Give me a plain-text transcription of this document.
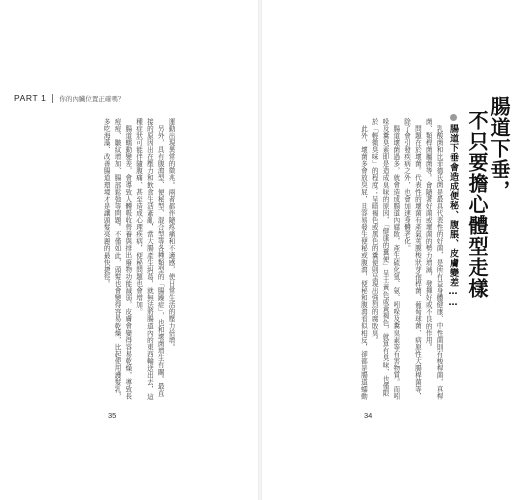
PART 1 你的內臟位置正確嗎？

運動出現異常的徵兆。兩者都伴隨疼痛和不適感，使日常生活的壓力倍增。

另外，具有腹瀉型、便秘型、混合型等各種類型的「腸躁症」，也和壞菌增生有關。最直接的原因出在壓力和飲食生活紊亂，當大腸產生糾葛，就無法將腸道內的東西輸送出去，這種症狀可能伴隨腹痛、甚至造成心理疾病，便秘問題也會增加。

腸道蠕動變差，會導致人體吸收營養與排出廢物功能減弱，皮膚會變得容易乾燥，導致長痘痘、皺紋增加、腸部鬆弛等問題。不僅如此，頭髮也會變得容易乾燥，比起使用護髮乳，多吃海藻、改善腸道環境才是讓頭髮亮麗的最快捷徑。

35
腸道下垂，
不只要擔心體型走樣
腸道下垂會造成便秘、腹脹、皮膚變差……

乳酸菌和比菲德氏菌是最具代表性的好菌，是所有益身體健康、中性菌則有梭桿菌、真桿菌、類桿菌屬菌等。會隨著好菌或壞菌的勢力增減，發揮好或不良的作用。

問題在於壞菌。代表性的壞菌有產氣莢膜梭狀芽孢桿菌、葡萄球菌、病原性大腸桿菌等，除了會引發疾病之外，也會加速身體老化。

腸道壞菌過多，就會造成腸道內腐敗，產生硫化氫、氨、吲哚及糞臭素等有害物質。而吲哚及糞臭素即是造成臭味的原因，「健康的糞便」呈土黃色或黃褐色，就算有臭味，也僅限於「輕微臭味」的程度；呈暗褐色或黑色的糞便則呈現出強烈的腐敗臭。

此外，壞菌多會放臭屁，且容易發生便秘或腹瀉，便秘和腹瀉看似相反，卻都是腸道蠕動

34
